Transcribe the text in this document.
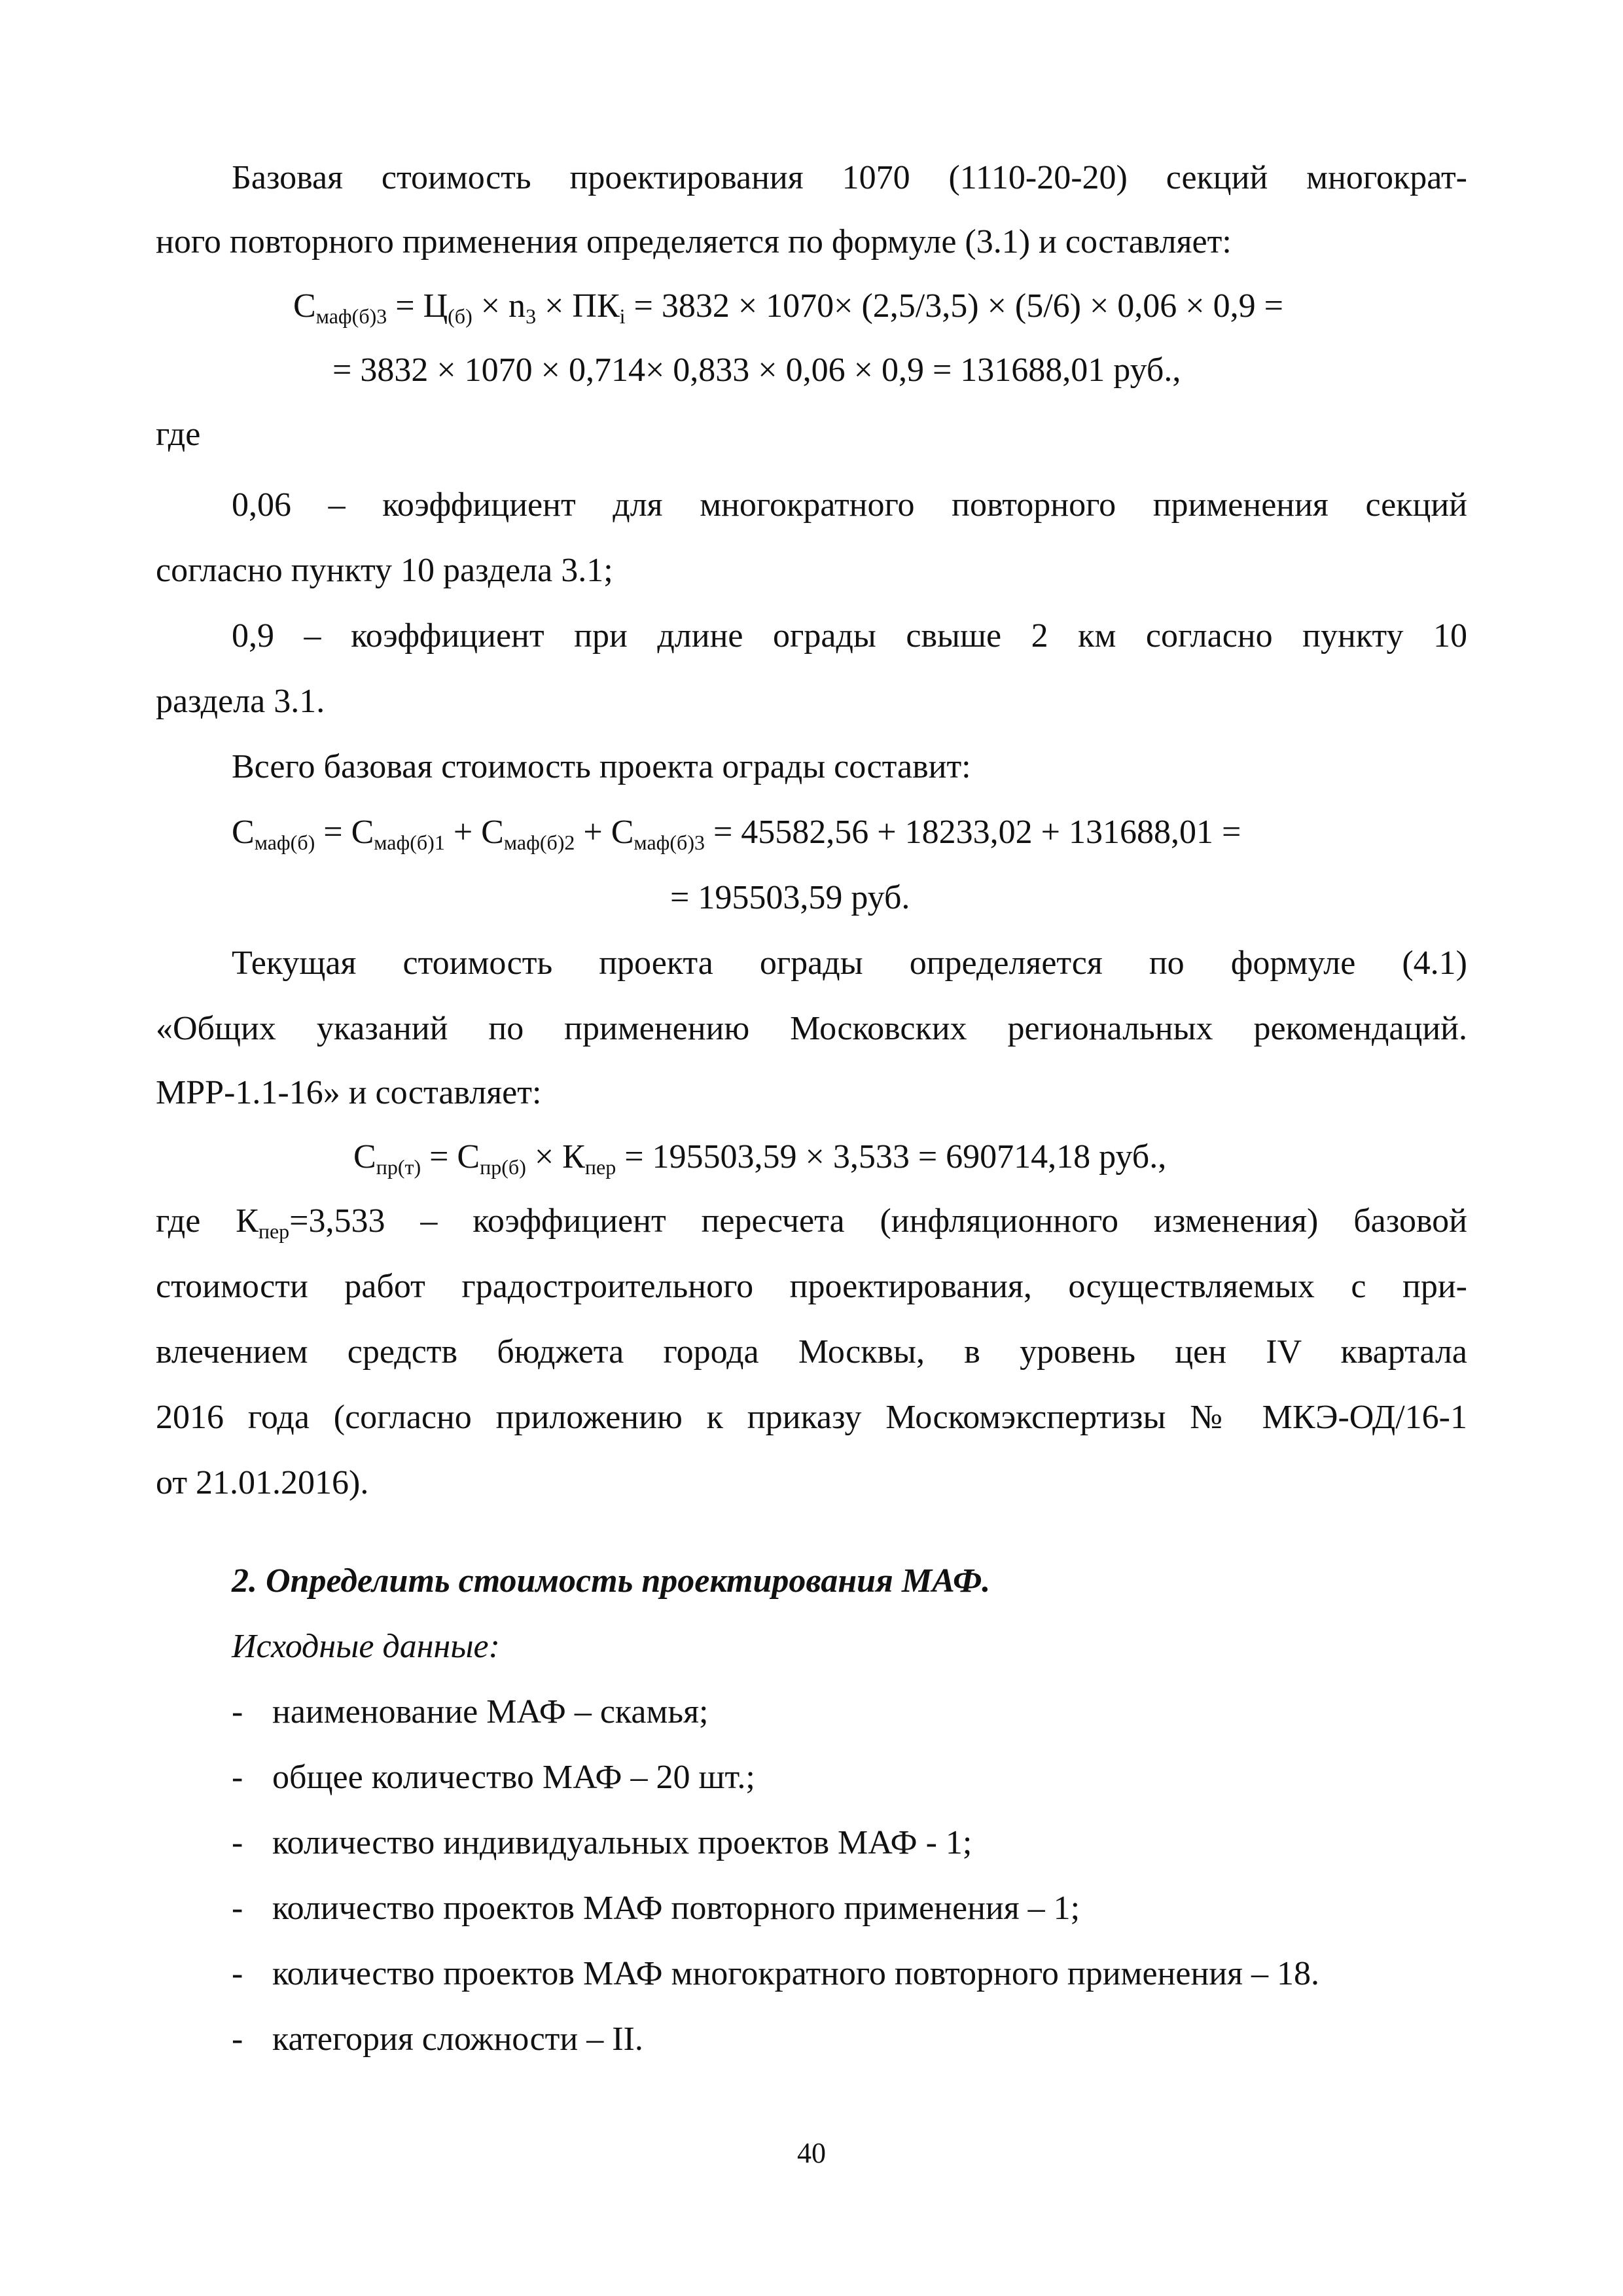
Базовая стоимость проектирования 1070 (1110-20-20) секций многократ-
ного повторного применения определяется по формуле (3.1) и составляет:
$С_{маф(б)3} = Ц_{(б)} \times n_3 \times ПК_i = 3832 \times 1070\times (2,5/3,5) \times (5/6) \times 0,06 \times 0,9$ =
= 3832 × 1070 × 0,714× 0,833 × 0,06 × 0,9 = 131688,01 руб.,
где
0,06 – коэффициент для многократного повторного применения секций
согласно пункту 10 раздела 3.1;
0,9 – коэффициент при длине ограды свыше 2 км согласно пункту 10
раздела 3.1.
Всего базовая стоимость проекта ограды составит:
$С_{маф(б)} = С_{маф(б)1} + С_{маф(б)2} + С_{маф(б)3} = 45582,56 + 18233,02 + 131688,01$ =
= 195503,59 руб.
Текущая стоимость проекта ограды определяется по формуле (4.1)
«Общих указаний по применению Московских региональных рекомендаций.
МРР-1.1-16» и составляет:
$С_{пр(т)} = С_{пр(б)} \times К_{пер} = 195503,59 \times 3,533 = 690714,18$ руб.,
где $К_{пер}=3,533$ – коэффициент пересчета (инфляционного изменения) базовой
стоимости работ градостроительного проектирования, осуществляемых с при-
влечением средств бюджета города Москвы, в уровень цен IV квартала
2016 года (согласно приложению к приказу Москомэкспертизы № МКЭ-ОД/16-1
от 21.01.2016).
2. Определить стоимость проектирования МАФ.
Исходные данные:
- наименование МАФ – скамья;
- общее количество МАФ – 20 шт.;
- количество индивидуальных проектов МАФ - 1;
- количество проектов МАФ повторного применения – 1;
- количество проектов МАФ многократного повторного применения – 18.
- категория сложности – II.
40
